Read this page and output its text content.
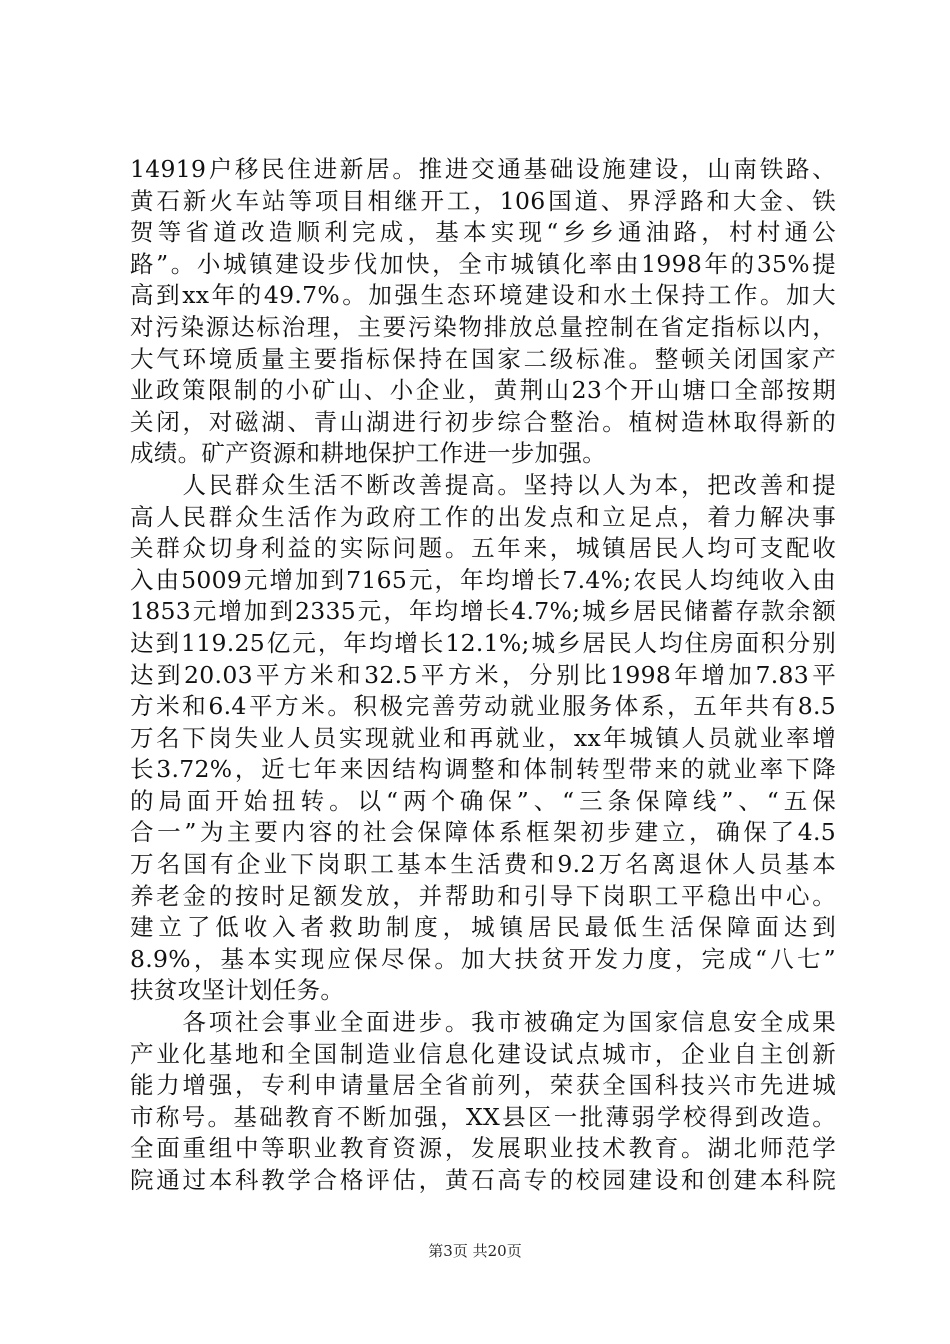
14919户移民住进新居。推进交通基础设施建设，山南铁路、
黄石新火车站等项目相继开工，106国道、界浮路和大金、铁
贺等省道改造顺利完成，基本实现“乡乡通油路，村村通公
路”。小城镇建设步伐加快，全市城镇化率由1998年的35%提
高到xx年的49.7%。加强生态环境建设和水土保持工作。加大
对污染源达标治理，主要污染物排放总量控制在省定指标以内，
大气环境质量主要指标保持在国家二级标准。整顿关闭国家产
业政策限制的小矿山、小企业，黄荆山23个开山塘口全部按期
关闭，对磁湖、青山湖进行初步综合整治。植树造林取得新的
成绩。矿产资源和耕地保护工作进一步加强。
　　人民群众生活不断改善提高。坚持以人为本，把改善和提
高人民群众生活作为政府工作的出发点和立足点，着力解决事
关群众切身利益的实际问题。五年来，城镇居民人均可支配收
入由5009元增加到7165元，年均增长7.4%;农民人均纯收入由
1853元增加到2335元，年均增长4.7%;城乡居民储蓄存款余额
达到119.25亿元，年均增长12.1%;城乡居民人均住房面积分别
达到20.03平方米和32.5平方米，分别比1998年增加7.83平
方米和6.4平方米。积极完善劳动就业服务体系，五年共有8.5
万名下岗失业人员实现就业和再就业，xx年城镇人员就业率增
长3.72%，近七年来因结构调整和体制转型带来的就业率下降
的局面开始扭转。以“两个确保”、“三条保障线”、“五保
合一”为主要内容的社会保障体系框架初步建立，确保了4.5
万名国有企业下岗职工基本生活费和9.2万名离退休人员基本
养老金的按时足额发放，并帮助和引导下岗职工平稳出中心。
建立了低收入者救助制度，城镇居民最低生活保障面达到
8.9%，基本实现应保尽保。加大扶贫开发力度，完成“八七”
扶贫攻坚计划任务。
　　各项社会事业全面进步。我市被确定为国家信息安全成果
产业化基地和全国制造业信息化建设试点城市，企业自主创新
能力增强，专利申请量居全省前列，荣获全国科技兴市先进城
市称号。基础教育不断加强，XX县区一批薄弱学校得到改造。
全面重组中等职业教育资源，发展职业技术教育。湖北师范学
院通过本科教学合格评估，黄石高专的校园建设和创建本科院
第3页 共20页
